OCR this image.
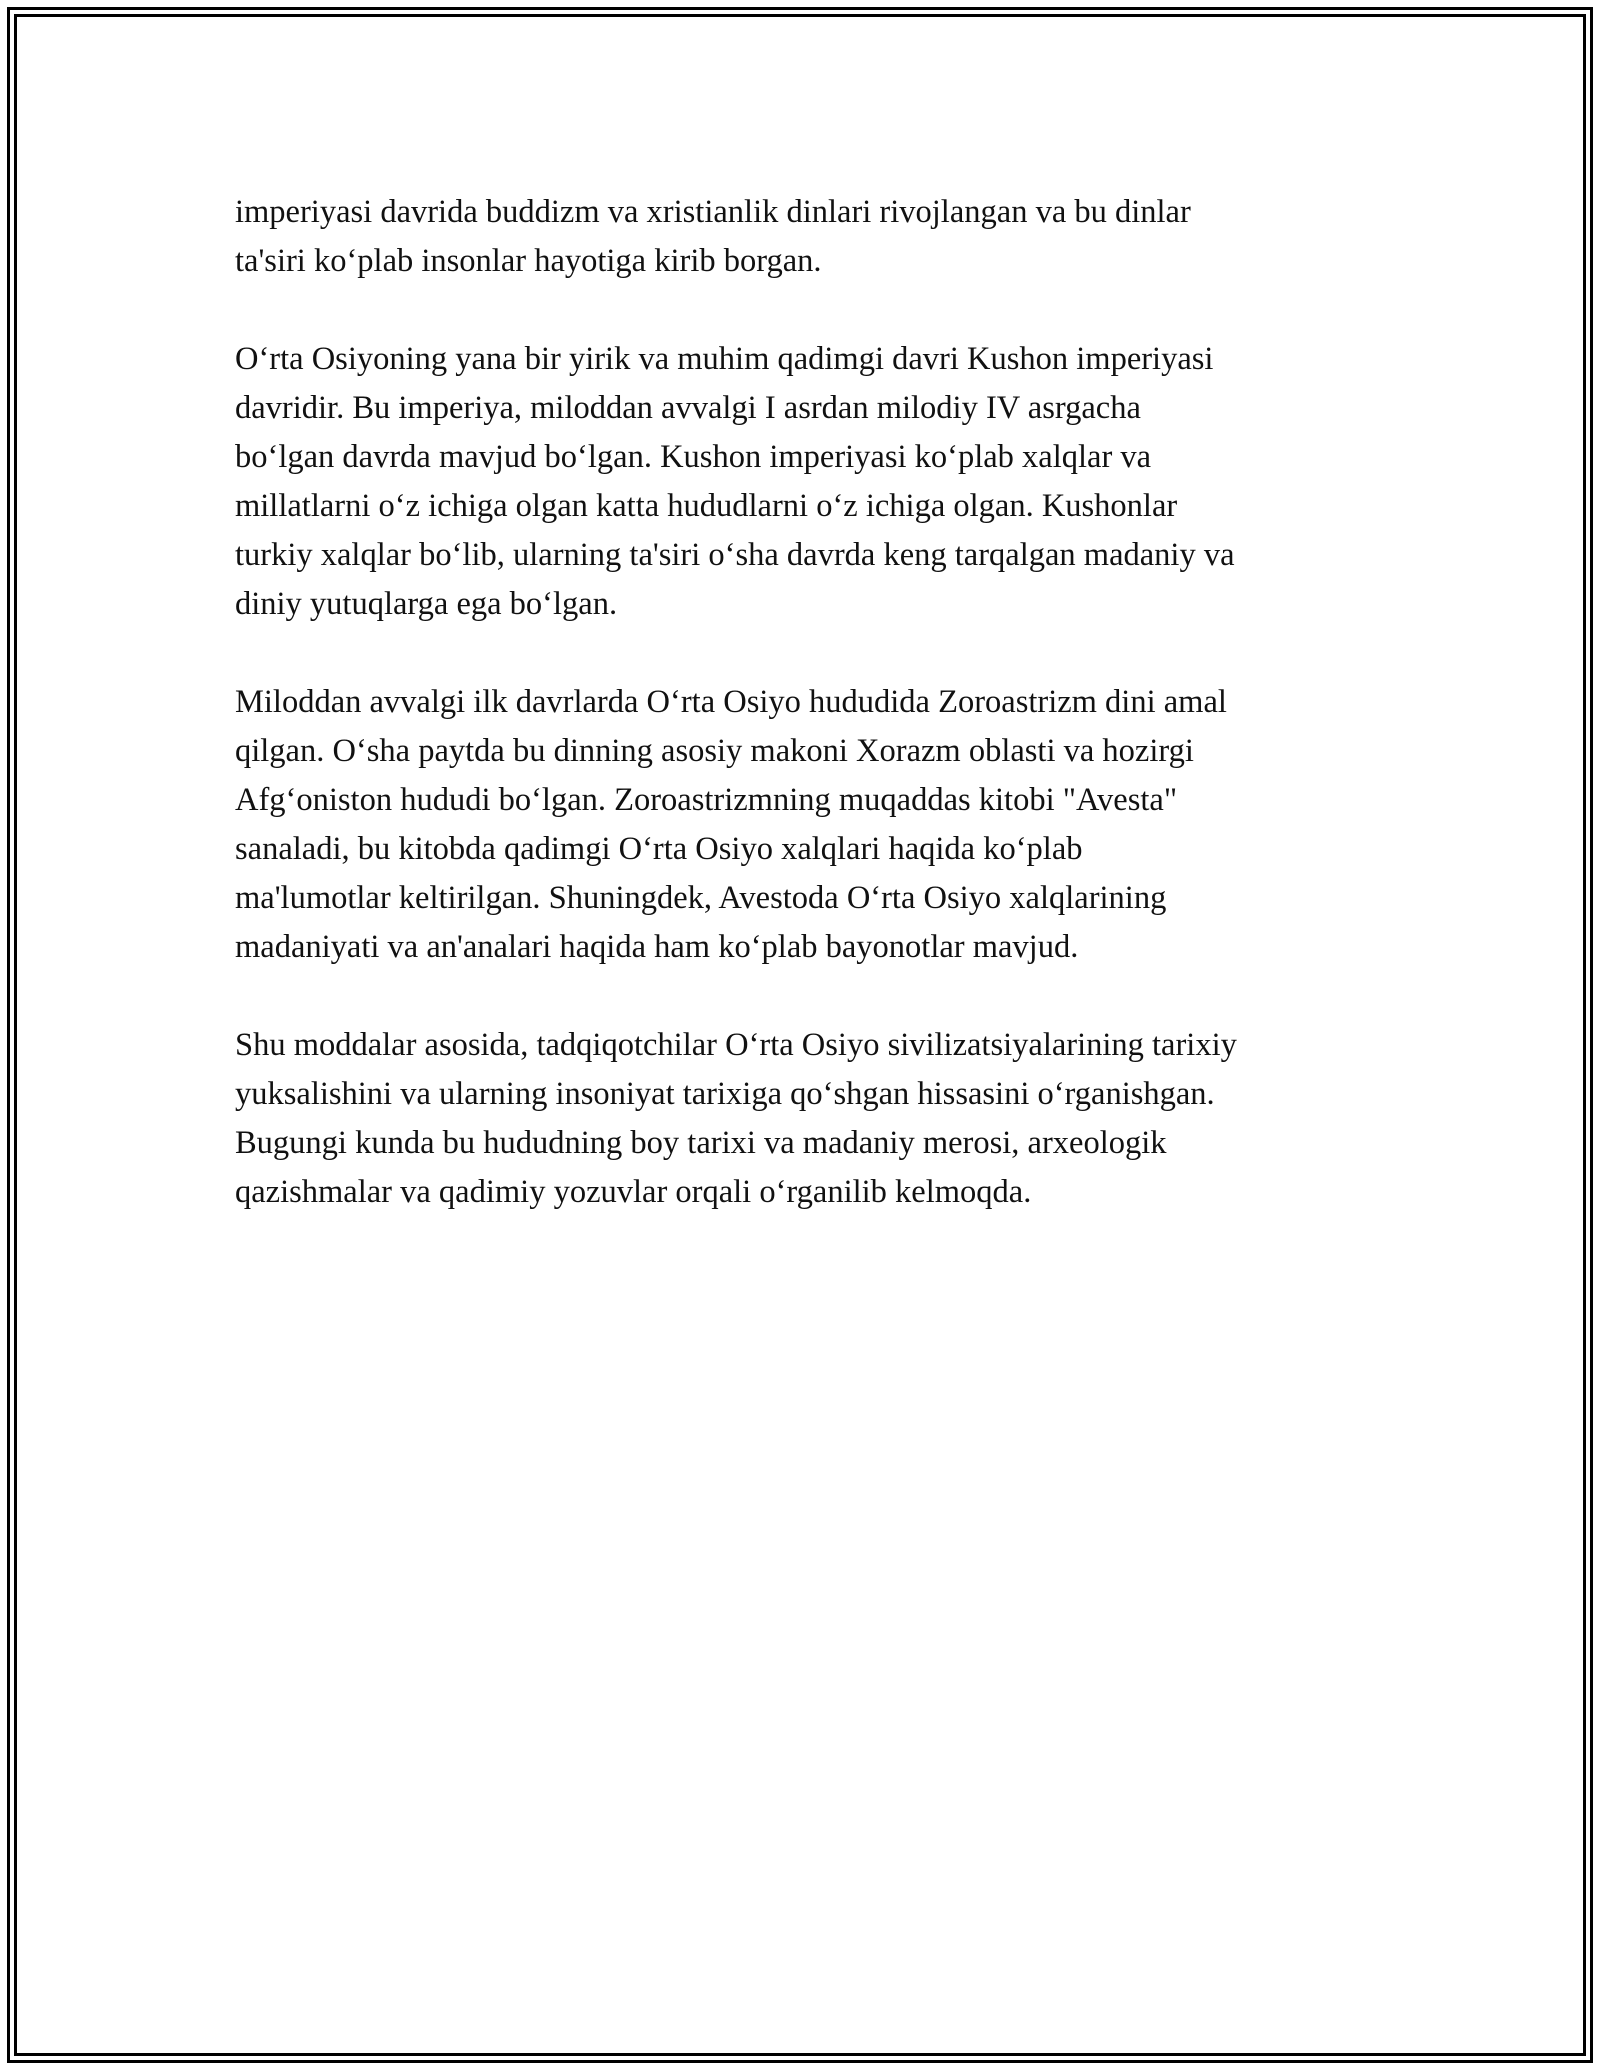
imperiyasi davrida buddizm va xristianlik dinlari rivojlangan va bu dinlar
ta'siri ko‘plab insonlar hayotiga kirib borgan.

O‘rta Osiyoning yana bir yirik va muhim qadimgi davri Kushon imperiyasi
davridir. Bu imperiya, miloddan avvalgi I asrdan milodiy IV asrgacha
bo‘lgan davrda mavjud bo‘lgan. Kushon imperiyasi ko‘plab xalqlar va
millatlarni o‘z ichiga olgan katta hududlarni o‘z ichiga olgan. Kushonlar
turkiy xalqlar bo‘lib, ularning ta'siri o‘sha davrda keng tarqalgan madaniy va
diniy yutuqlarga ega bo‘lgan.

Miloddan avvalgi ilk davrlarda O‘rta Osiyo hududida Zoroastrizm dini amal
qilgan. O‘sha paytda bu dinning asosiy makoni Xorazm oblasti va hozirgi
Afg‘oniston hududi bo‘lgan. Zoroastrizmning muqaddas kitobi "Avesta"
sanaladi, bu kitobda qadimgi O‘rta Osiyo xalqlari haqida ko‘plab
ma'lumotlar keltirilgan. Shuningdek, Avestoda O‘rta Osiyo xalqlarining
madaniyati va an'analari haqida ham ko‘plab bayonotlar mavjud.

Shu moddalar asosida, tadqiqotchilar O‘rta Osiyo sivilizatsiyalarining tarixiy
yuksalishini va ularning insoniyat tarixiga qo‘shgan hissasini o‘rganishgan.
Bugungi kunda bu hududning boy tarixi va madaniy merosi, arxeologik
qazishmalar va qadimiy yozuvlar orqali o‘rganilib kelmoqda.
